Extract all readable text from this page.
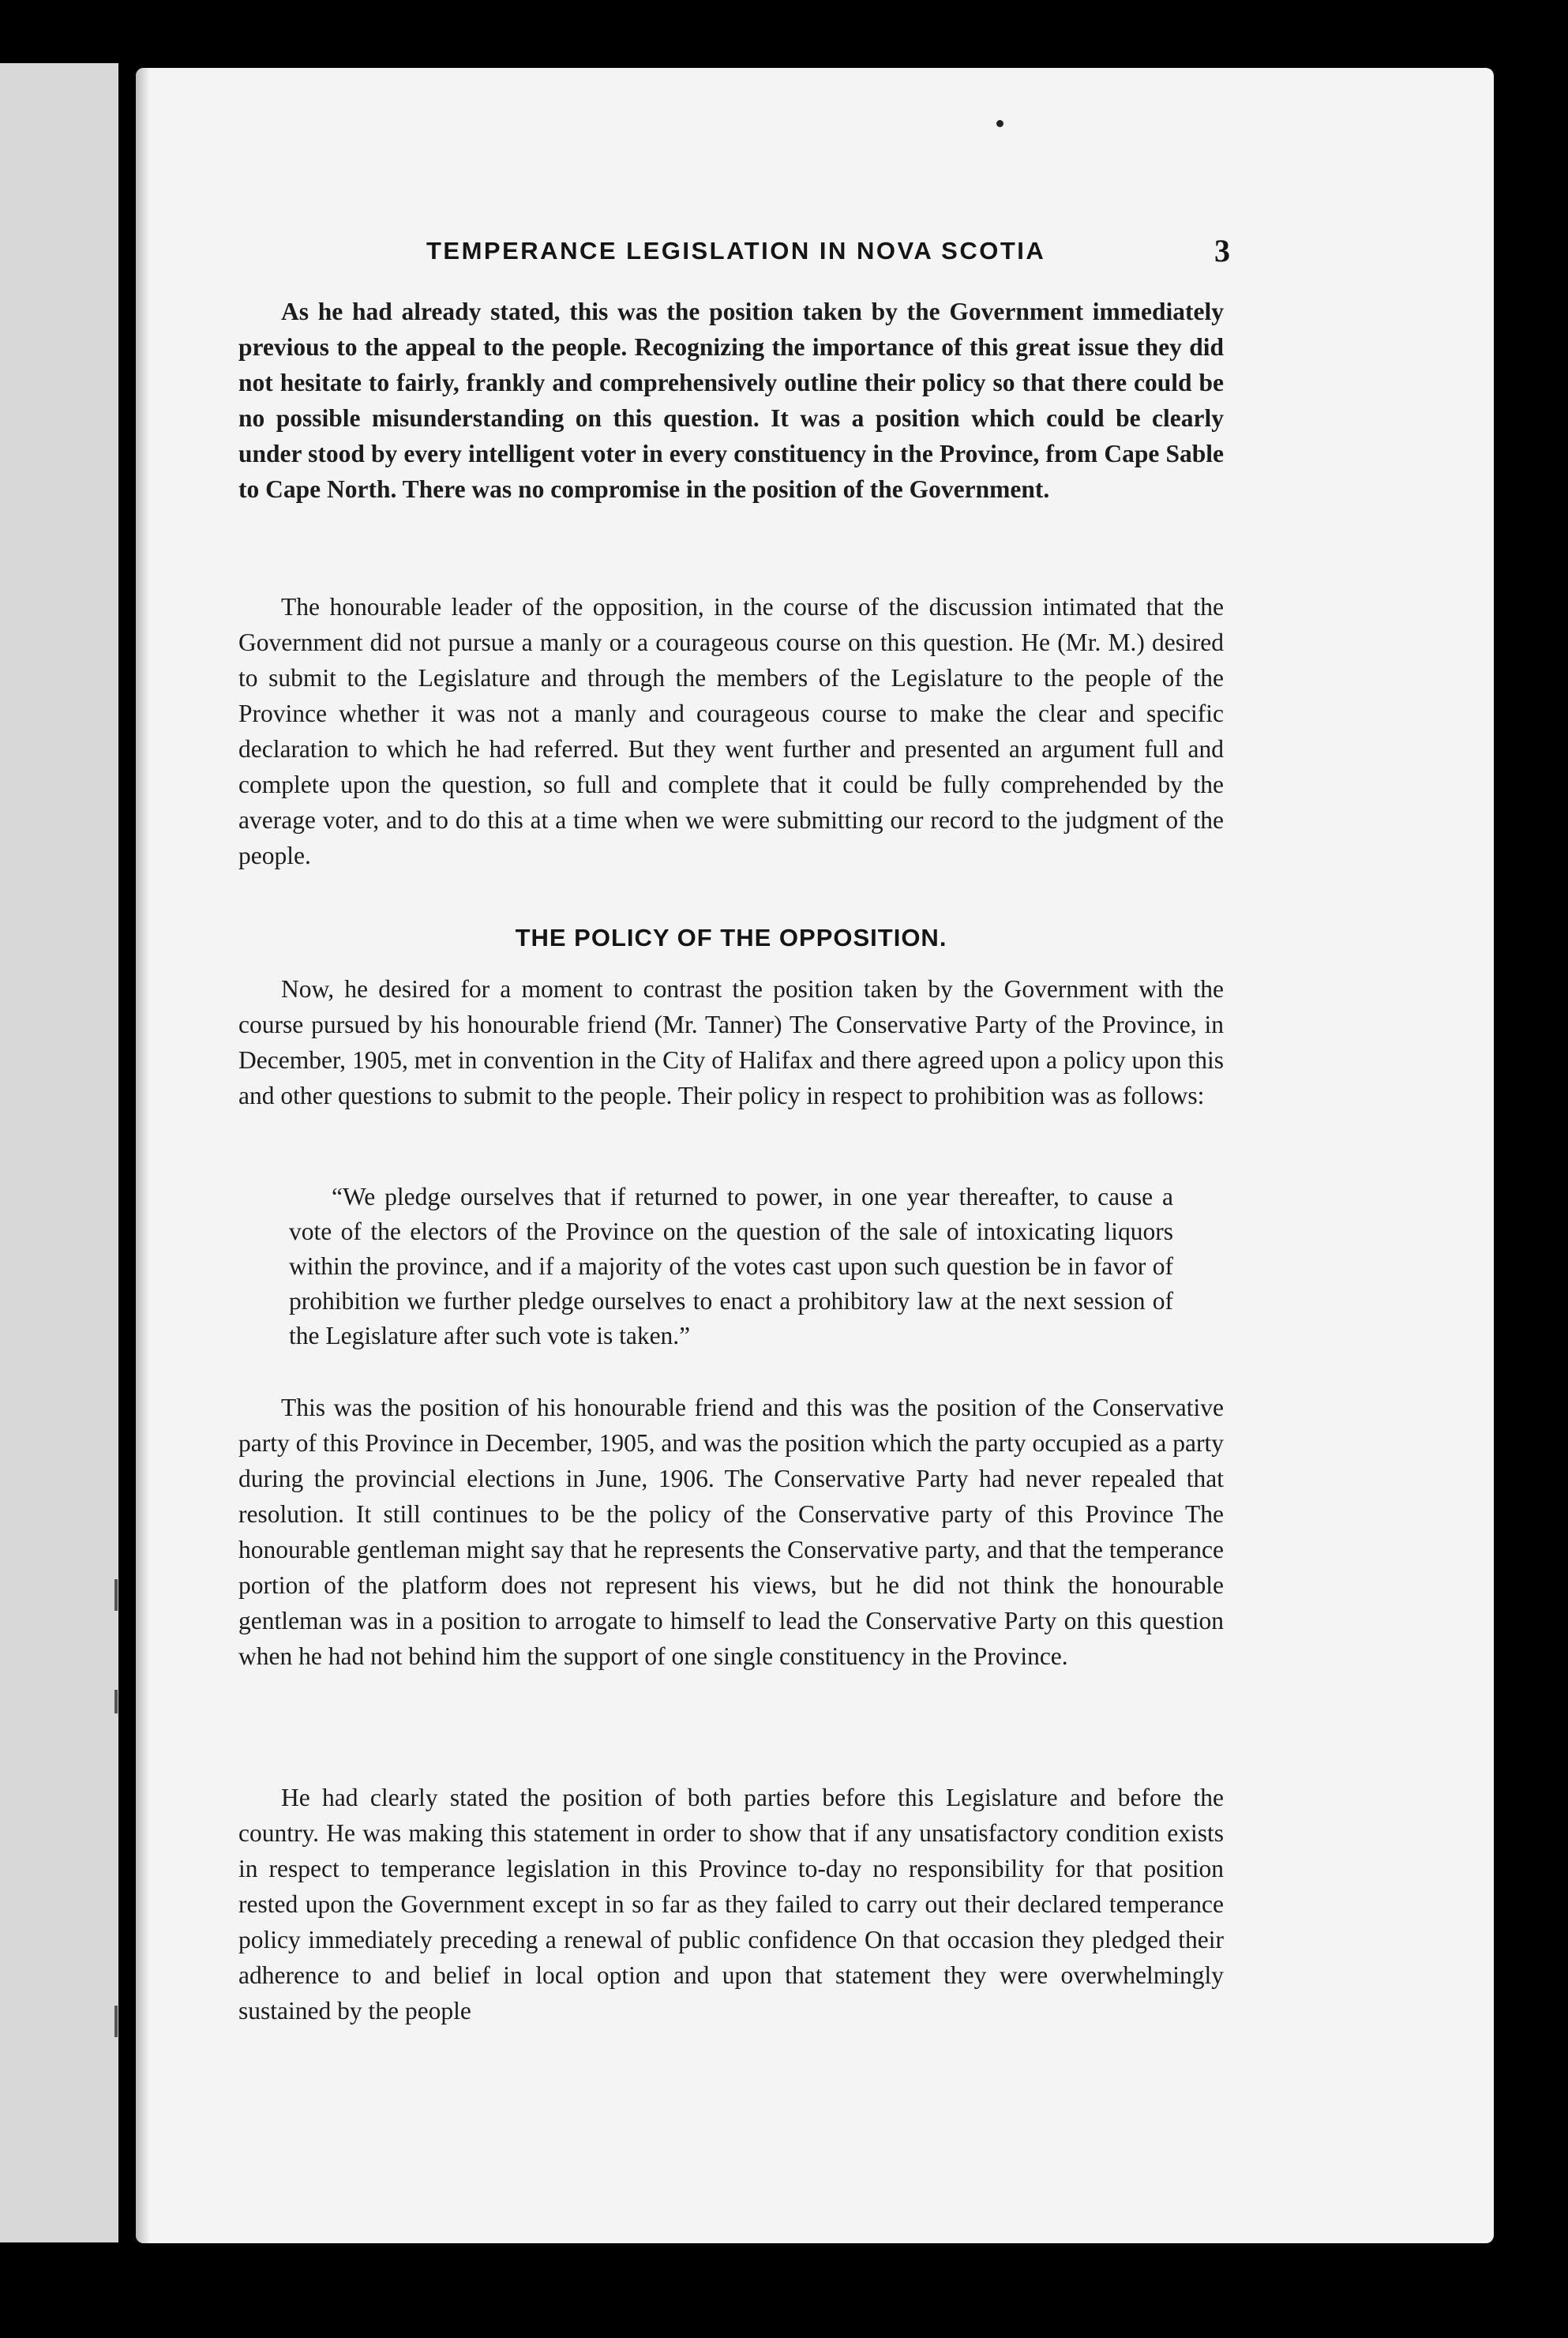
TEMPERANCE LEGISLATION IN NOVA SCOTIA	3

As he had already stated, this was the position taken by the Government immediately previous to the appeal to the people. Recognizing the importance of this great issue they did not hesitate to fairly, frankly and comprehensively outline their policy so that there could be no possible misunderstanding on this question. It was a position which could be clearly under stood by every intelligent voter in every constituency in the Province, from Cape Sable to Cape North. There was no compromise in the position of the Government.

The honourable leader of the opposition, in the course of the discussion intimated that the Government did not pursue a manly or a courageous course on this question. He (Mr. M.) desired to submit to the Legislature and through the members of the Legislature to the people of the Province whether it was not a manly and courageous course to make the clear and specific declaration to which he had referred. But they went further and presented an argument full and complete upon the question, so full and complete that it could be fully comprehended by the average voter, and to do this at a time when we were submitting our record to the judgment of the people.

THE POLICY OF THE OPPOSITION.

Now, he desired for a moment to contrast the position taken by the Government with the course pursued by his honourable friend (Mr. Tanner) The Conservative Party of the Province, in December, 1905, met in convention in the City of Halifax and there agreed upon a policy upon this and other questions to submit to the people. Their policy in respect to prohibition was as follows:

“We pledge ourselves that if returned to power, in one year thereafter, to cause a vote of the electors of the Province on the question of the sale of intoxicating liquors within the province, and if a majority of the votes cast upon such question be in favor of prohibition we further pledge ourselves to enact a prohibitory law at the next session of the Legislature after such vote is taken.”

This was the position of his honourable friend and this was the position of the Conservative party of this Province in December, 1905, and was the position which the party occupied as a party during the provincial elections in June, 1906. The Conservative Party had never repealed that resolution. It still continues to be the policy of the Conservative party of this Province The honourable gentleman might say that he represents the Conservative party, and that the temperance portion of the platform does not represent his views, but he did not think the honourable gentleman was in a position to arrogate to himself to lead the Conservative Party on this question when he had not behind him the support of one single constituency in the Province.

He had clearly stated the position of both parties before this Legislature and before the country. He was making this statement in order to show that if any unsatisfactory condition exists in respect to temperance legislation in this Province to-day no responsibility for that position rested upon the Government except in so far as they failed to carry out their declared temperance policy immediately preceding a renewal of public confidence On that occasion they pledged their adherence to and belief in local option and upon that statement they were overwhelmingly sustained by the people
